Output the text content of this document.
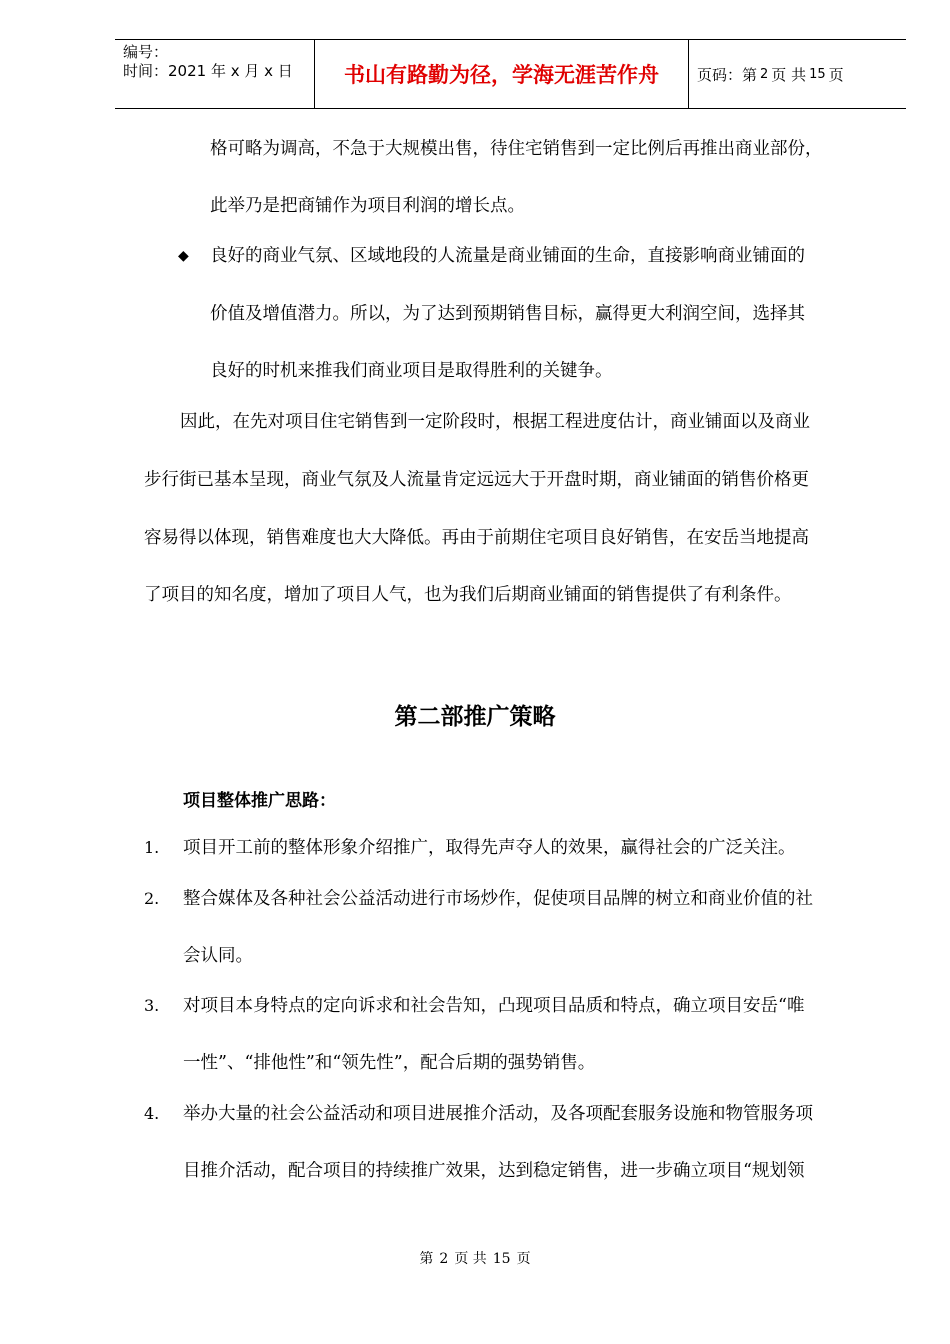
编号：
时间：2021 年 x 月 x 日	书山有路勤为径，学海无涯苦作舟	页码：第 2 页 共 15 页
格可略为调高，不急于大规模出售，待住宅销售到一定比例后再推出商业部份，
此举乃是把商铺作为项目利润的增长点。
◆ 良好的商业气氛、区域地段的人流量是商业铺面的生命，直接影响商业铺面的
价值及增值潜力。所以，为了达到预期销售目标，赢得更大利润空间，选择其
良好的时机来推我们商业项目是取得胜利的关键争。
因此，在先对项目住宅销售到一定阶段时，根据工程进度估计，商业铺面以及商业
步行街已基本呈现，商业气氛及人流量肯定远远大于开盘时期，商业铺面的销售价格更
容易得以体现，销售难度也大大降低。再由于前期住宅项目良好销售，在安岳当地提高
了项目的知名度，增加了项目人气，也为我们后期商业铺面的销售提供了有利条件。
第二部推广策略
项目整体推广思路：
1. 项目开工前的整体形象介绍推广，取得先声夺人的效果，赢得社会的广泛关注。
2. 整合媒体及各种社会公益活动进行市场炒作，促使项目品牌的树立和商业价值的社
会认同。
3. 对项目本身特点的定向诉求和社会告知，凸现项目品质和特点，确立项目安岳“唯
一性”、“排他性”和“领先性”，配合后期的强势销售。
4. 举办大量的社会公益活动和项目进展推介活动，及各项配套服务设施和物管服务项
目推介活动，配合项目的持续推广效果，达到稳定销售，进一步确立项目“规划领
第 2 页 共 15 页
